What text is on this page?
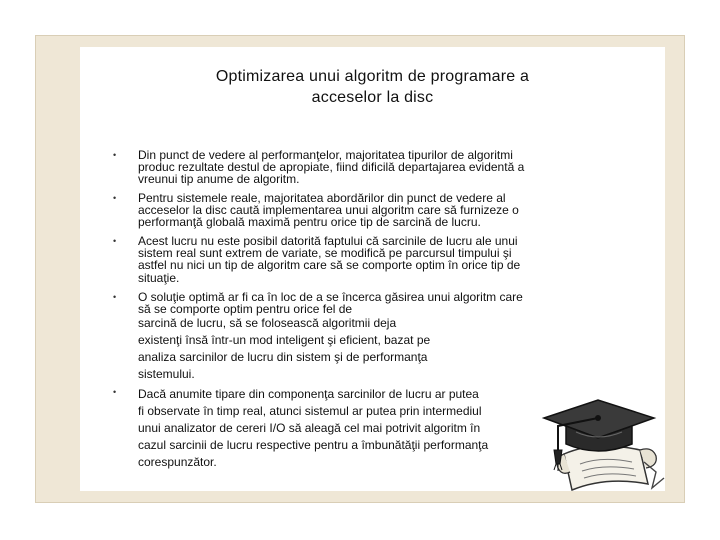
Optimizarea unui algoritm de programare a
acceselor la disc
• Din punct de vedere al performanţelor, majoritatea tipurilor de algoritmi
produc rezultate destul de apropiate, fiind dificilă departajarea evidentă a
vreunui tip anume de algoritm.
• Pentru sistemele reale, majoritatea abordărilor din punct de vedere al
acceselor la disc caută implementarea unui algoritm care să furnizeze o
performanţă globală maximă pentru orice tip de sarcină de lucru.
• Acest lucru nu este posibil datorită faptului că sarcinile de lucru ale unui
sistem real sunt extrem de variate, se modifică pe parcursul timpului şi
astfel nu nici un tip de algoritm care să se comporte optim în orice tip de
situaţie.
• O soluţie optimă ar fi ca în loc de a se încerca găsirea unui algoritm care
să se comporte optim pentru orice fel de
sarcină de lucru, să se folosească algoritmii deja
existenţi însă într-un mod inteligent şi eficient, bazat pe
analiza sarcinilor de lucru din sistem şi de performanţa
sistemului.
• Dacă anumite tipare din componenţa sarcinilor de lucru ar putea
fi observate în timp real, atunci sistemul ar putea prin intermediul
unui analizator de cereri I/O să aleagă cel mai potrivit algoritm în
cazul sarcinii de lucru respective pentru a îmbunătăţii performanţa
corespunzător.
